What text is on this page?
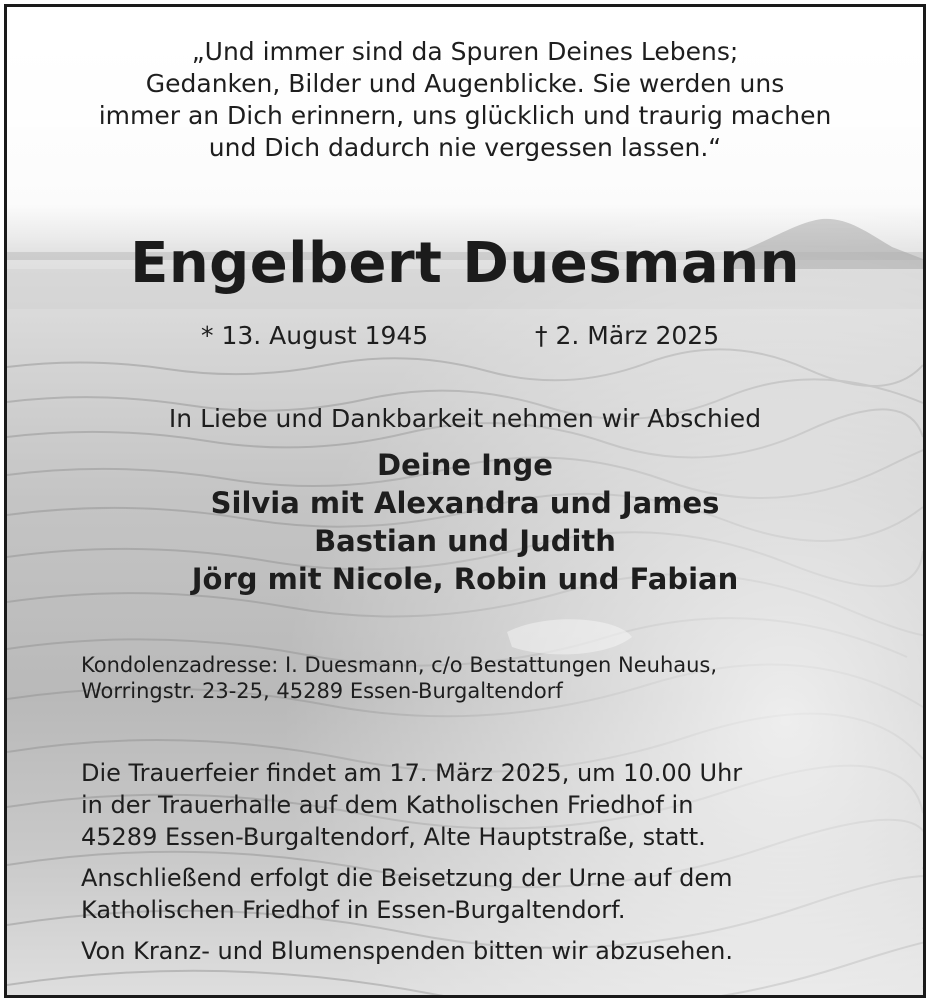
„Und immer sind da Spuren Deines Lebens;
Gedanken, Bilder und Augenblicke. Sie werden uns
immer an Dich erinnern, uns glücklich und traurig machen
und Dich dadurch nie vergessen lassen.“
Engelbert Duesmann
* 13. August 1945	† 2. März 2025
In Liebe und Dankbarkeit nehmen wir Abschied
Deine Inge
Silvia mit Alexandra und James
Bastian und Judith
Jörg mit Nicole, Robin und Fabian
Kondolenzadresse: I. Duesmann, c/o Bestattungen Neuhaus,
Worringstr. 23-25, 45289 Essen-Burgaltendorf
Die Trauerfeier findet am 17. März 2025, um 10.00 Uhr
in der Trauerhalle auf dem Katholischen Friedhof in
45289 Essen-Burgaltendorf, Alte Hauptstraße, statt.
Anschließend erfolgt die Beisetzung der Urne auf dem
Katholischen Friedhof in Essen-Burgaltendorf.
Von Kranz- und Blumenspenden bitten wir abzusehen.
